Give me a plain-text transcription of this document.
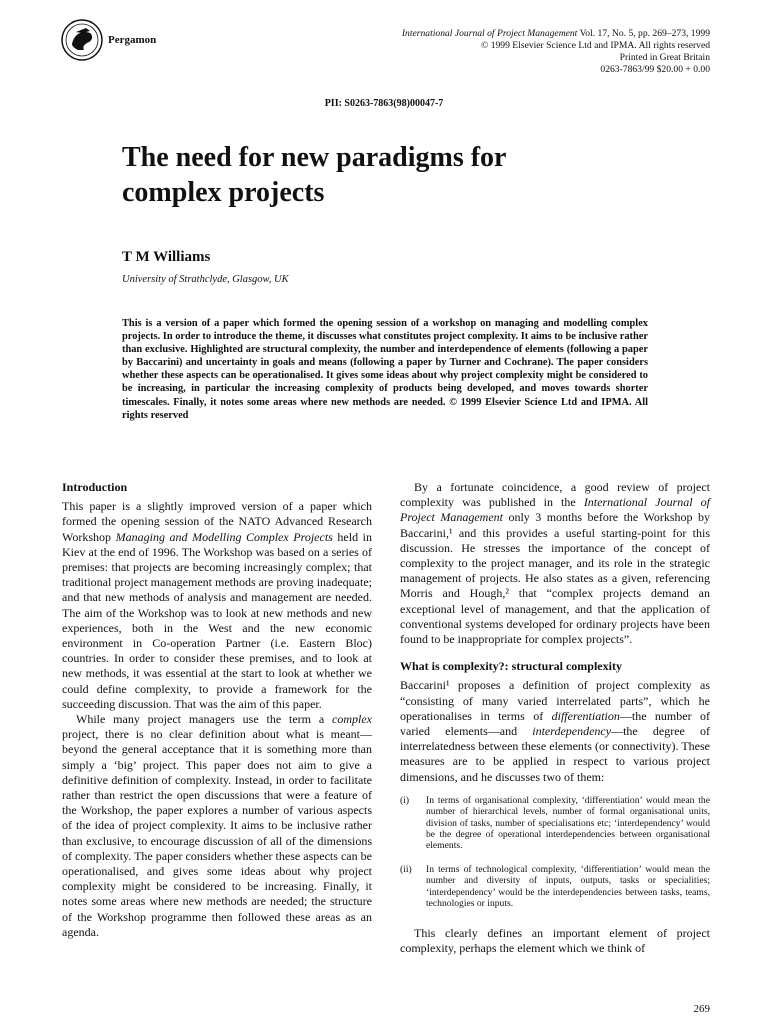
Pergamon
International Journal of Project Management Vol. 17, No. 5, pp. 269–273, 1999
© 1999 Elsevier Science Ltd and IPMA. All rights reserved
Printed in Great Britain
0263-7863/99 $20.00 + 0.00
PII: S0263-7863(98)00047-7
The need for new paradigms for
complex projects
T M Williams
University of Strathclyde, Glasgow, UK
This is a version of a paper which formed the opening session of a workshop on managing and modelling complex projects. In order to introduce the theme, it discusses what constitutes project complexity. It aims to be inclusive rather than exclusive. Highlighted are structural complexity, the number and interdependence of elements (following a paper by Baccarini) and uncertainty in goals and means (following a paper by Turner and Cochrane). The paper considers whether these aspects can be operationalised. It gives some ideas about why project complexity might be considered to be increasing, in particular the increasing complexity of products being developed, and moves towards shorter timescales. Finally, it notes some areas where new methods are needed. © 1999 Elsevier Science Ltd and IPMA. All rights reserved
Introduction

This paper is a slightly improved version of a paper which formed the opening session of the NATO Advanced Research Workshop Managing and Modelling Complex Projects held in Kiev at the end of 1996. The Workshop was based on a series of premises: that projects are becoming increasingly complex; that traditional project management methods are proving inadequate; and that new methods of analysis and management are needed. The aim of the Workshop was to look at new methods and new experiences, both in the West and the new economic environment in Co-operation Partner (i.e. Eastern Bloc) countries. In order to consider these premises, and to look at new methods, it was essential at the start to look at whether we could define complexity, to provide a framework for the succeeding discussion. That was the aim of this paper.

While many project managers use the term a complex project, there is no clear definition about what is meant—beyond the general acceptance that it is something more than simply a ‘big’ project. This paper does not aim to give a definitive definition of complexity. Instead, in order to facilitate rather than restrict the open discussions that were a feature of the Workshop, the paper explores a number of various aspects of the idea of project complexity. It aims to be inclusive rather than exclusive, to encourage discussion of all of the dimensions of complexity. The paper considers whether these aspects can be operationalised, and gives some ideas about why project complexity might be considered to be increasing. Finally, it notes some areas where new methods are needed; the structure of the Workshop programme then followed these areas as an agenda.

By a fortunate coincidence, a good review of project complexity was published in the International Journal of Project Management only 3 months before the Workshop by Baccarini,¹ and this provides a useful starting-point for this discussion. He stresses the importance of the concept of complexity to the project manager, and its role in the strategic management of projects. He also states as a given, referencing Morris and Hough,² that “complex projects demand an exceptional level of management, and that the application of conventional systems developed for ordinary projects have been found to be inappropriate for complex projects”.

What is complexity?: structural complexity

Baccarini¹ proposes a definition of project complexity as “consisting of many varied interrelated parts”, which he operationalises in terms of differentiation—the number of varied elements—and interdependency—the degree of interrelatedness between these elements (or connectivity). These measures are to be applied in respect to various project dimensions, and he discusses two of them:

(i)	In terms of organisational complexity, ‘differentiation’ would mean the number of hierarchical levels, number of formal organisational units, division of tasks, number of specialisations etc; ‘interdependency’ would be the degree of operational interdependencies between organisational elements.
(ii)	In terms of technological complexity, ‘differentiation’ would mean the number and diversity of inputs, outputs, tasks or specialities; ‘interdependency’ would be the interdependencies between tasks, teams, technologies or inputs.

This clearly defines an important element of project complexity, perhaps the element which we think of

269
